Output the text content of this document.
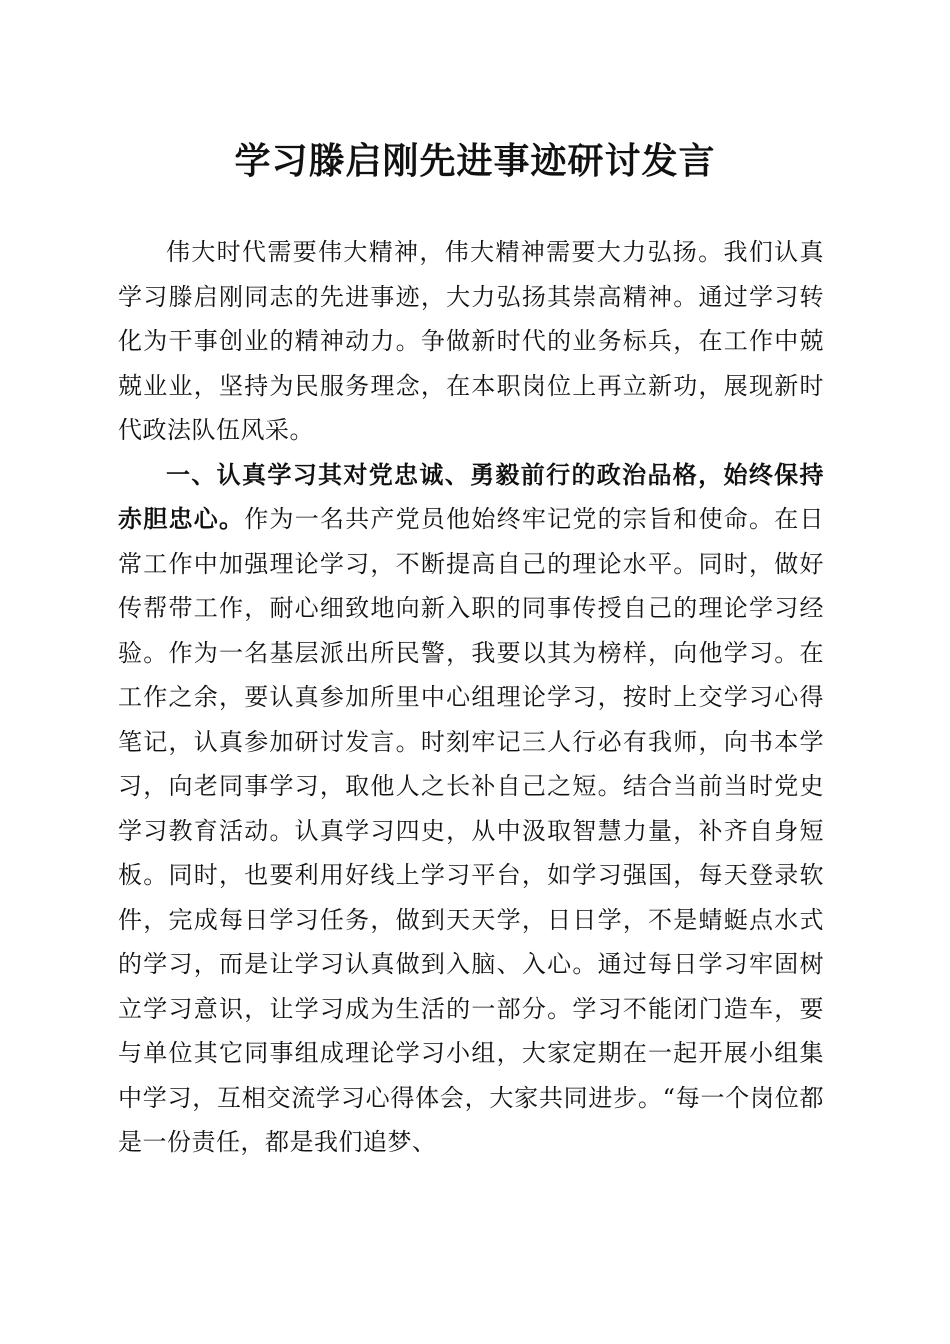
学习滕启刚先进事迹研讨发言

伟大时代需要伟大精神，伟大精神需要大力弘扬。我们认真学习滕启刚同志的先进事迹，大力弘扬其崇高精神。通过学习转化为干事创业的精神动力。争做新时代的业务标兵，在工作中兢兢业业，坚持为民服务理念，在本职岗位上再立新功，展现新时代政法队伍风采。

一、认真学习其对党忠诚、勇毅前行的政治品格，始终保持赤胆忠心。作为一名共产党员他始终牢记党的宗旨和使命。在日常工作中加强理论学习，不断提高自己的理论水平。同时，做好传帮带工作，耐心细致地向新入职的同事传授自己的理论学习经验。作为一名基层派出所民警，我要以其为榜样，向他学习。在工作之余，要认真参加所里中心组理论学习，按时上交学习心得笔记，认真参加研讨发言。时刻牢记三人行必有我师，向书本学习，向老同事学习，取他人之长补自己之短。结合当前当时党史学习教育活动。认真学习四史，从中汲取智慧力量，补齐自身短板。同时，也要利用好线上学习平台，如学习强国，每天登录软件，完成每日学习任务，做到天天学，日日学，不是蜻蜓点水式的学习，而是让学习认真做到入脑、入心。通过每日学习牢固树立学习意识，让学习成为生活的一部分。学习不能闭门造车，要与单位其它同事组成理论学习小组，大家定期在一起开展小组集中学习，互相交流学习心得体会，大家共同进步。“每一个岗位都是一份责任，都是我们追梦、
